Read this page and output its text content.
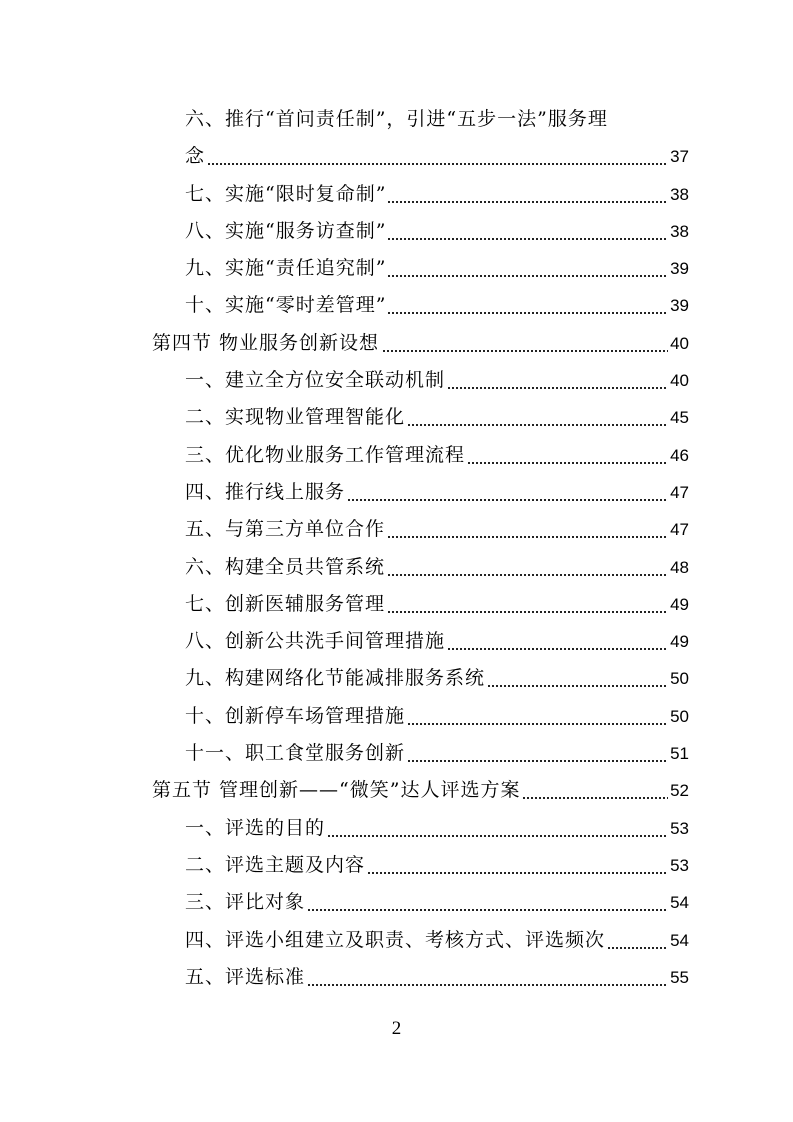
六、推行“首问责任制”，引进“五步一法”服务理
念	37
七、实施“限时复命制”	38
八、实施“服务访查制”	38
九、实施“责任追究制”	39
十、实施“零时差管理”	39
第四节 物业服务创新设想	40
一、建立全方位安全联动机制	40
二、实现物业管理智能化	45
三、优化物业服务工作管理流程	46
四、推行线上服务	47
五、与第三方单位合作	47
六、构建全员共管系统	48
七、创新医辅服务管理	49
八、创新公共洗手间管理措施	49
九、构建网络化节能减排服务系统	50
十、创新停车场管理措施	50
十一、职工食堂服务创新	51
第五节 管理创新——“微笑”达人评选方案	52
一、评选的目的	53
二、评选主题及内容	53
三、评比对象	54
四、评选小组建立及职责、考核方式、评选频次	54
五、评选标准	55
2
